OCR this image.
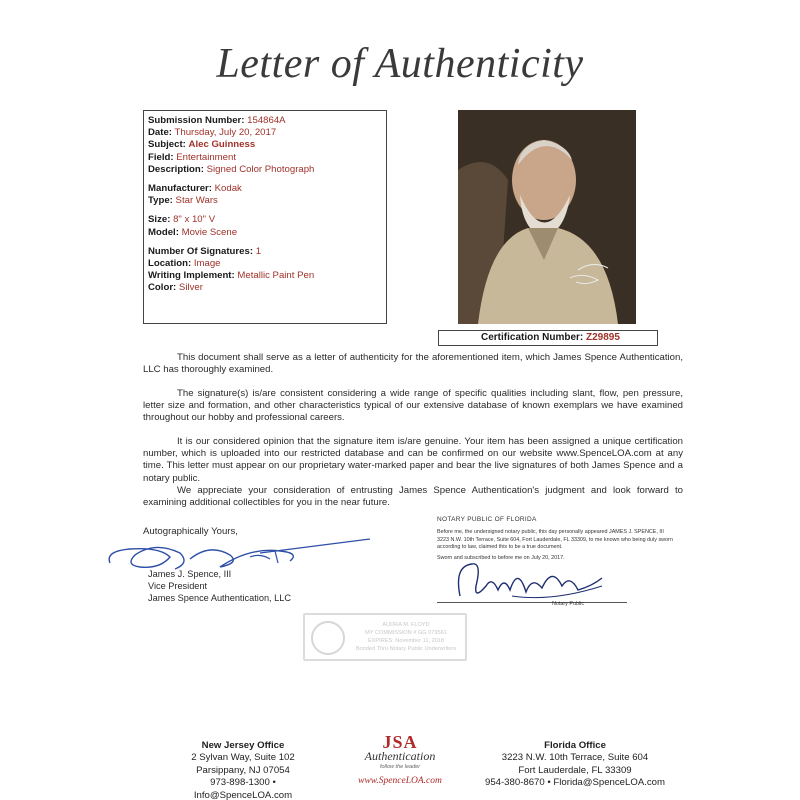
Letter of Authenticity
Submission Number: 154864A
Date: Thursday, July 20, 2017
Subject: Alec Guinness
Field: Entertainment
Description: Signed Color Photograph
Manufacturer: Kodak
Type: Star Wars
Size: 8" x 10" V
Model: Movie Scene
Number Of Signatures: 1
Location: Image
Writing Implement: Metallic Paint Pen
Color: Silver
Certification Number: Z29895

This document shall serve as a letter of authenticity for the aforementioned item, which James Spence Authentication, LLC has thoroughly examined.

The signature(s) is/are consistent considering a wide range of specific qualities including slant, flow, pen pressure, letter size and formation, and other characteristics typical of our extensive database of known exemplars we have examined throughout our hobby and professional careers.

It is our considered opinion that the signature item is/are genuine. Your item has been assigned a unique certification number, which is uploaded into our restricted database and can be confirmed on our website www.SpenceLOA.com at any time. This letter must appear on our proprietary water-marked paper and bear the live signatures of both James Spence and a notary public.

We appreciate your consideration of entrusting James Spence Authentication's judgment and look forward to examining additional collectibles for you in the near future.

Autographically Yours,
James J. Spence, III
Vice President
James Spence Authentication, LLC
NOTARY PUBLIC OF FLORIDA
Before me, the undersigned notary public, this day personally appeared JAMES J. SPENCE, III 3223 N.W. 10th Terrace, Suite 604, Fort Lauderdale, FL 33309, to me known who being duly sworn according to law, claimed this to be a true document.
Sworn and subscribed to before me on July 20, 2017.
Notary Public
AUDRA M. FLOYD
MY COMMISSION # GG 079561
EXPIRES: November 11, 2018
Bonded Thru Notary Public Underwriters
New Jersey Office
2 Sylvan Way, Suite 102
Parsippany, NJ 07054
973-898-1300 • Info@SpenceLOA.com
JSA
Authentication
follow the leader
www.SpenceLOA.com
Florida Office
3223 N.W. 10th Terrace, Suite 604
Fort Lauderdale, FL 33309
954-380-8670 • Florida@SpenceLOA.com
